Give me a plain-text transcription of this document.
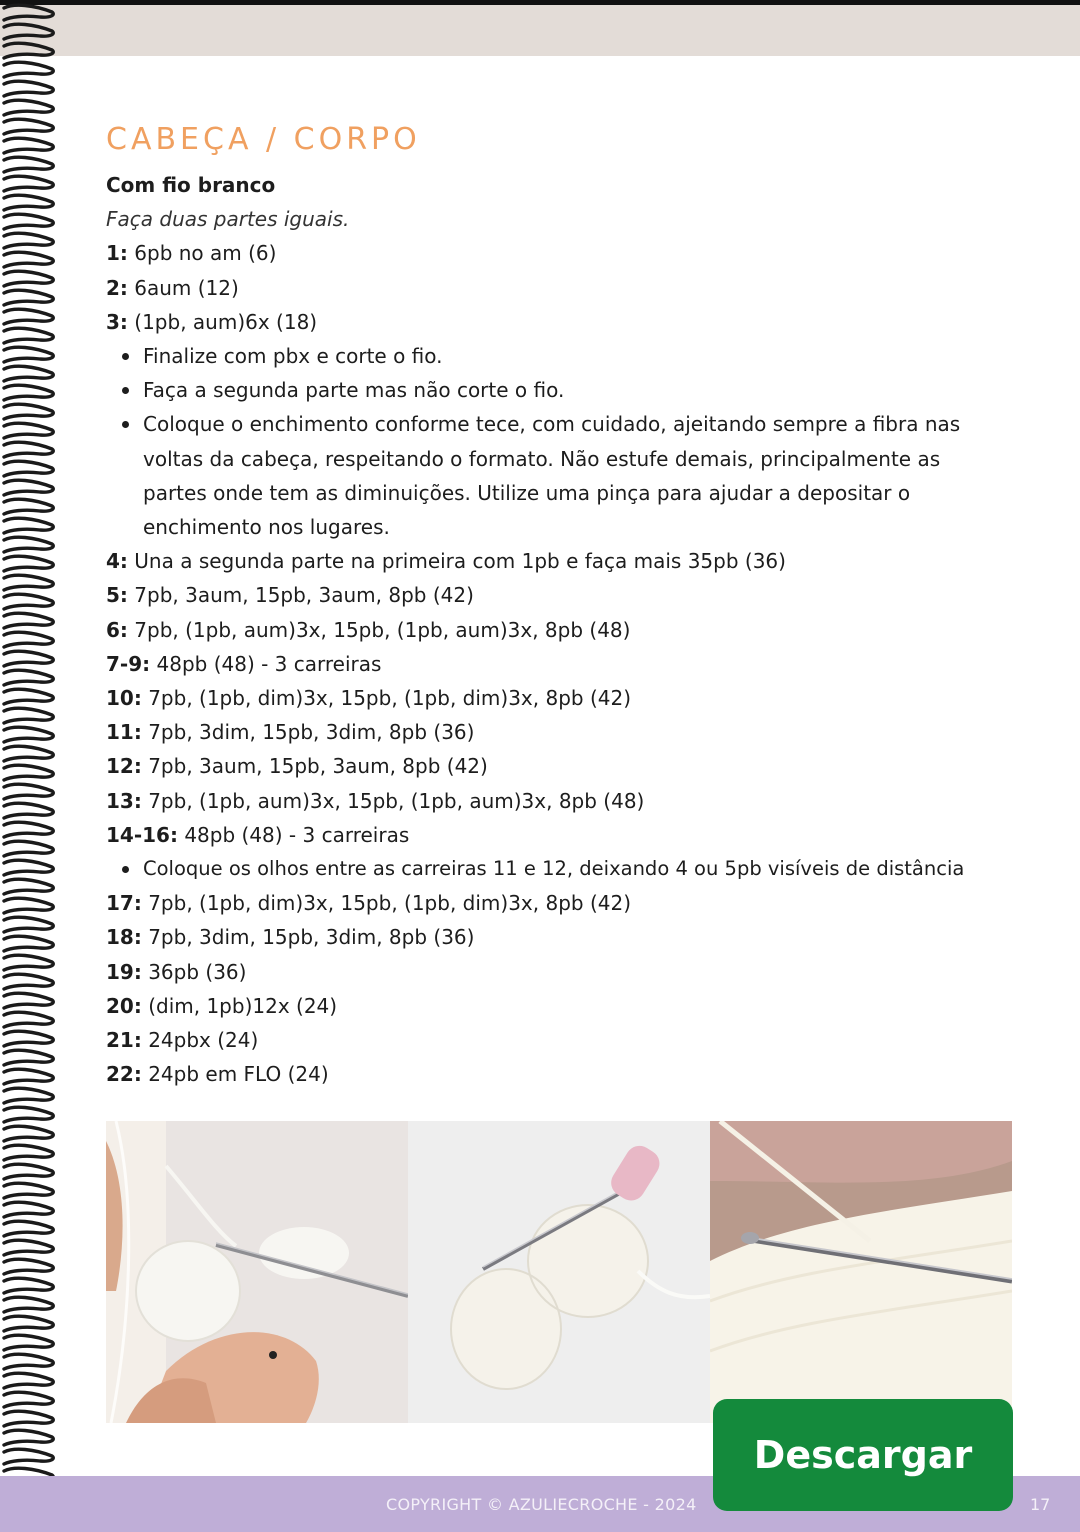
CABEÇA / CORPO
Com fio branco
Faça duas partes iguais.
1: 6pb no am (6)
2: 6aum (12)
3: (1pb, aum)6x (18)
Finalize com pbx e corte o fio.
Faça a segunda parte mas não corte o fio.
Coloque o enchimento conforme tece, com cuidado, ajeitando sempre a fibra nas voltas da cabeça, respeitando o formato. Não estufe demais, principalmente as partes onde tem as diminuições. Utilize uma pinça para ajudar a depositar o enchimento nos lugares.
4: Una a segunda parte na primeira com 1pb e faça mais 35pb (36)
5: 7pb, 3aum, 15pb, 3aum, 8pb (42)
6: 7pb, (1pb, aum)3x, 15pb, (1pb, aum)3x, 8pb (48)
7-9: 48pb (48) - 3 carreiras
10: 7pb, (1pb, dim)3x, 15pb, (1pb, dim)3x, 8pb (42)
11: 7pb, 3dim, 15pb, 3dim, 8pb (36)
12: 7pb, 3aum, 15pb, 3aum, 8pb (42)
13: 7pb, (1pb, aum)3x, 15pb, (1pb, aum)3x, 8pb (48)
14-16: 48pb (48) - 3 carreiras
Coloque os olhos entre as carreiras 11 e 12, deixando 4 ou 5pb visíveis de distância
17: 7pb, (1pb, dim)3x, 15pb, (1pb, dim)3x, 8pb (42)
18: 7pb, 3dim, 15pb, 3dim, 8pb (36)
19: 36pb (36)
20: (dim, 1pb)12x (24)
21: 24pbx (24)
22: 24pb em FLO (24)
COPYRIGHT © AZULIECROCHE - 2024	17
Descargar
